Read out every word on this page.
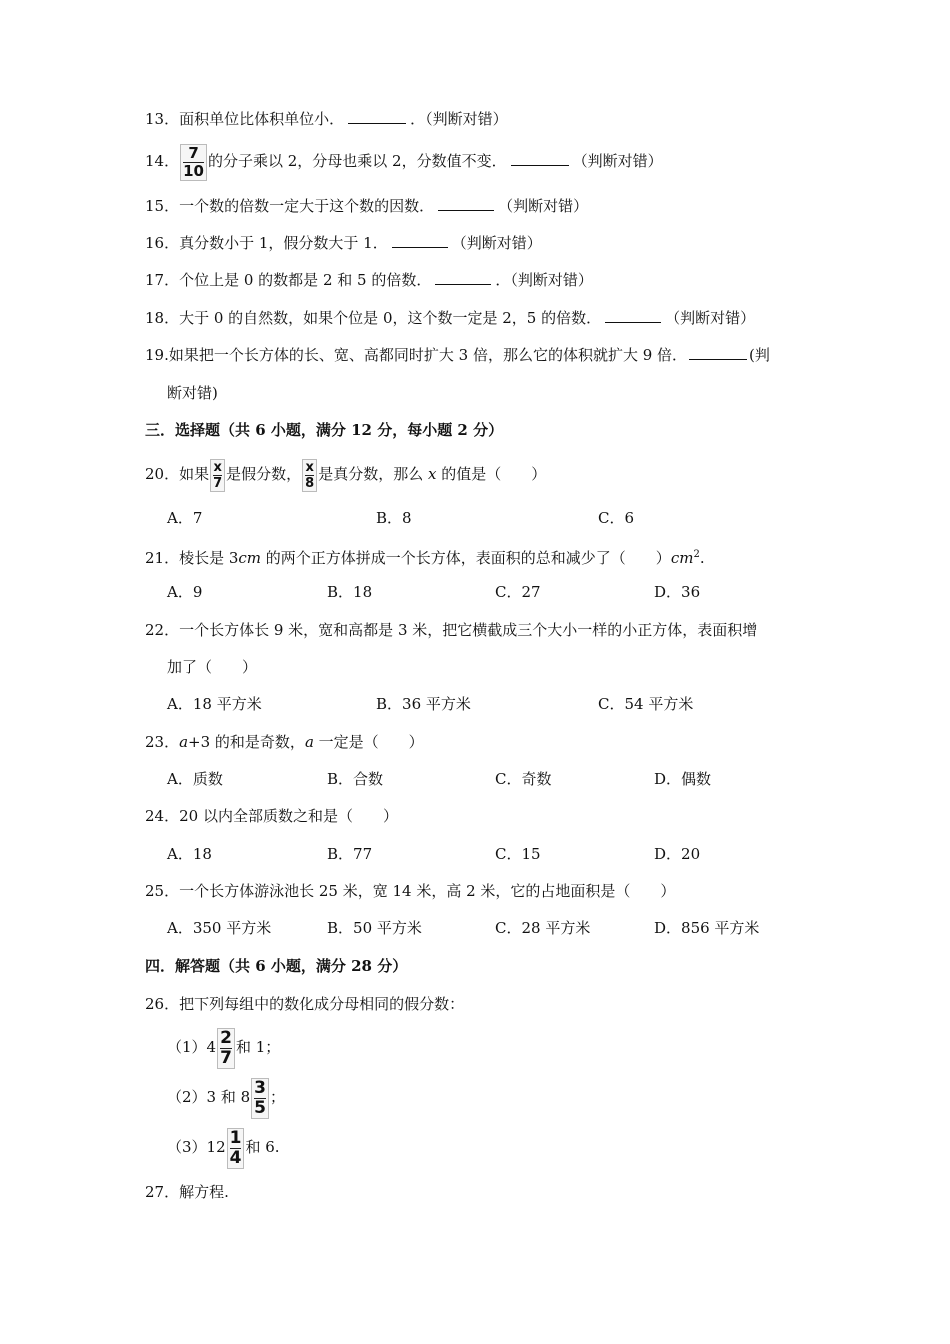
13．面积单位比体积单位小．	．（判断对错）
14． $\frac{7}{10}$ 的分子乘以 2，分母也乘以 2，分数值不变．	（判断对错）
15．一个数的倍数一定大于这个数的因数．	（判断对错）
16．真分数小于 1，假分数大于 1．	（判断对错）
17．个位上是 0 的数都是 2 和 5 的倍数．	．（判断对错）
18．大于 0 的自然数，如果个位是 0，这个数一定是 2，5 的倍数．	（判断对错）
19.如果把一个长方体的长、宽、高都同时扩大 3 倍，那么它的体积就扩大 9 倍．	(判
断对错)
三．选择题（共 6 小题，满分 12 分，每小题 2 分）
20．如果 $\frac{x}{7}$ 是假分数， $\frac{x}{8}$ 是真分数，那么 x 的值是（　　）
A．7	B．8	C．6
21．棱长是 3cm 的两个正方体拼成一个长方体，表面积的总和减少了（　　）$cm^2$.
A．9	B．18	C．27	D．36
22．一个长方体长 9 米，宽和高都是 3 米，把它横截成三个大小一样的小正方体，表面积增
加了（　　）
A．18 平方米	B．36 平方米	C．54 平方米
23．a+3 的和是奇数，a 一定是（　　）
A．质数	B．合数	C．奇数	D．偶数
24．20 以内全部质数之和是（　　）
A．18	B．77	C．15	D．20
25．一个长方体游泳池长 25 米，宽 14 米，高 2 米，它的占地面积是（　　）
A．350 平方米	B．50 平方米	C．28 平方米	D．856 平方米
四．解答题（共 6 小题，满分 28 分）
26．把下列每组中的数化成分母相同的假分数：
$(1)4 \frac{2}{7}$ 和 1；
（2）3 和 $8 \frac{3}{5}$ ；
$(3)12 \frac{1}{4}$ 和 6.
27．解方程.
